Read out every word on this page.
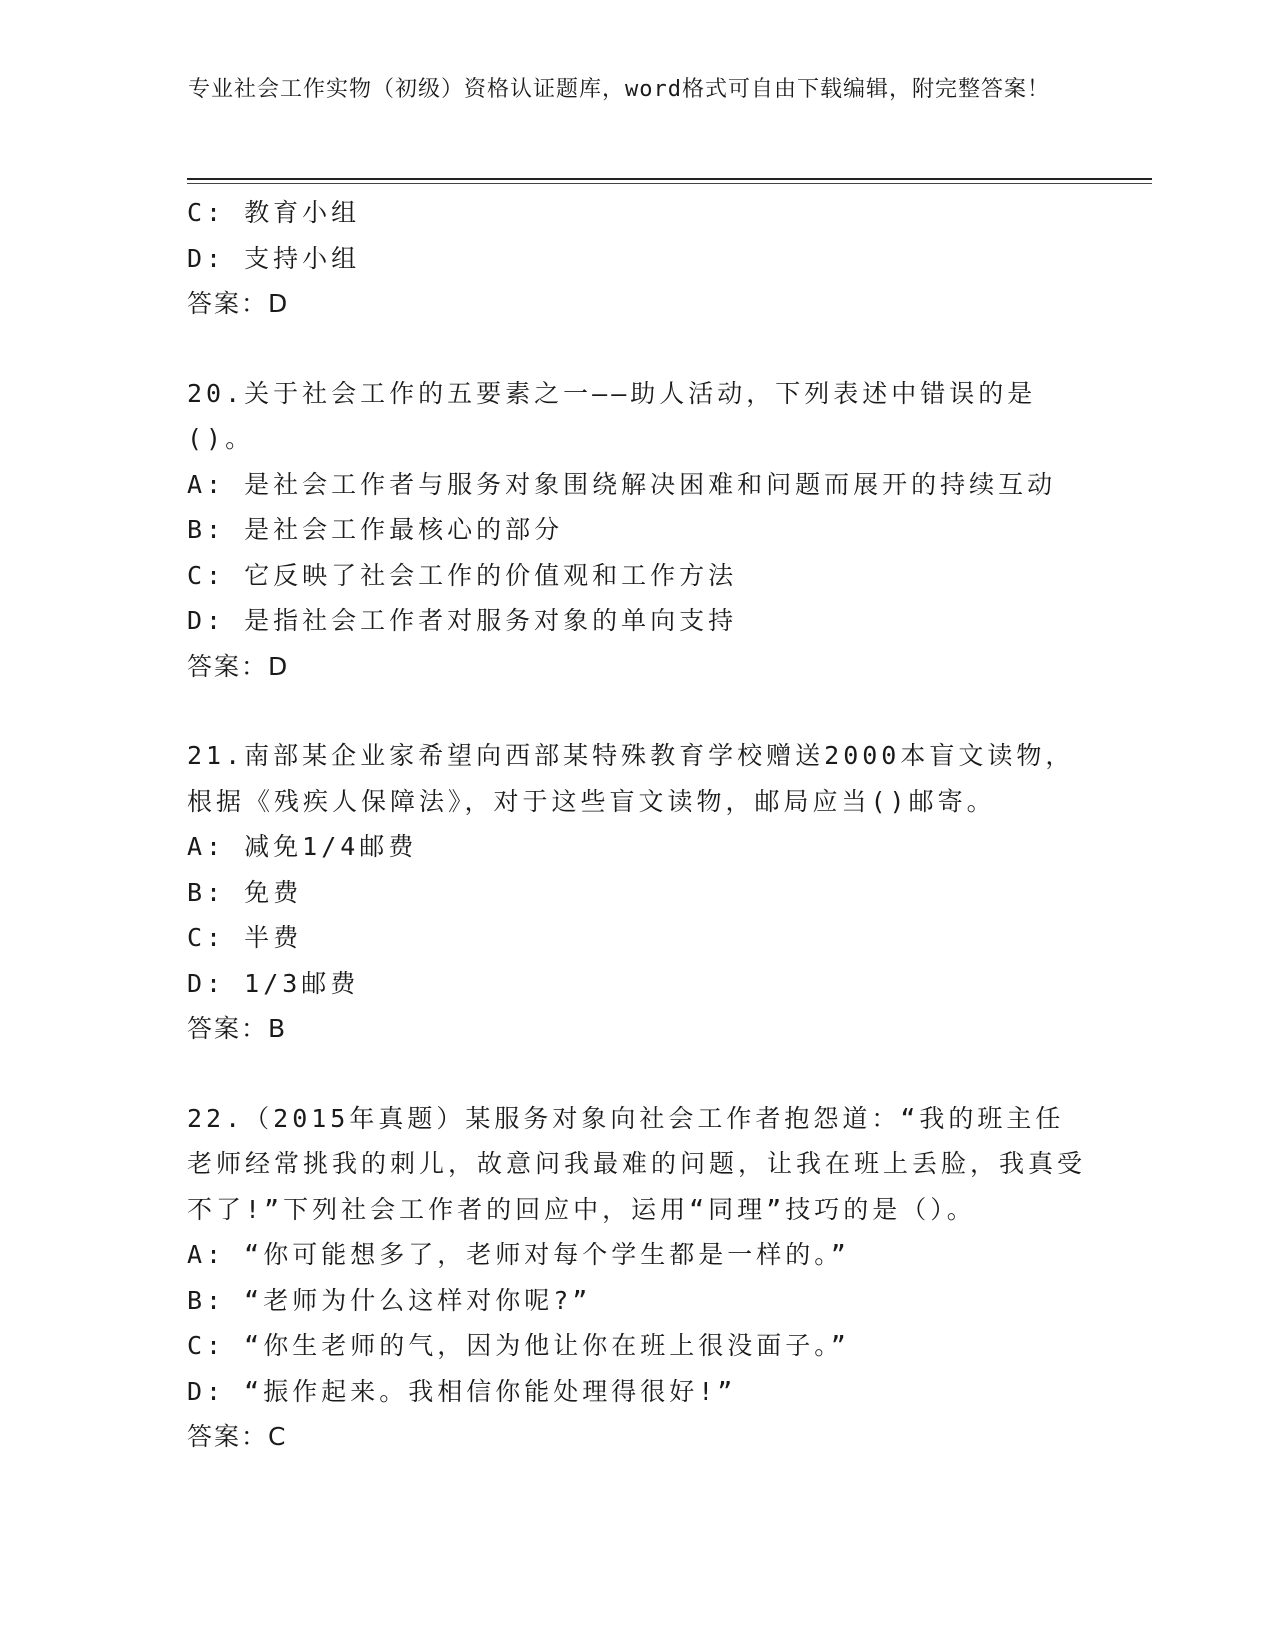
专业社会工作实物（初级）资格认证题库，word格式可自由下载编辑，附完整答案！
C: 教育小组
D: 支持小组
答案：D
20.关于社会工作的五要素之一——助人活动，下列表述中错误的是()。
A: 是社会工作者与服务对象围绕解决困难和问题而展开的持续互动
B: 是社会工作最核心的部分
C: 它反映了社会工作的价值观和工作方法
D: 是指社会工作者对服务对象的单向支持
答案：D
21.南部某企业家希望向西部某特殊教育学校赠送2000本盲文读物，根据《残疾人保障法》，对于这些盲文读物，邮局应当()邮寄。
A: 减免1/4邮费
B: 免费
C: 半费
D: 1/3邮费
答案：B
22.（2015年真题）某服务对象向社会工作者抱怨道：“我的班主任老师经常挑我的刺儿，故意问我最难的问题，让我在班上丢脸，我真受不了!”下列社会工作者的回应中，运用“同理”技巧的是（）。
A: “你可能想多了，老师对每个学生都是一样的。”
B: “老师为什么这样对你呢?”
C: “你生老师的气，因为他让你在班上很没面子。”
D: “振作起来。我相信你能处理得很好!”
答案：C
